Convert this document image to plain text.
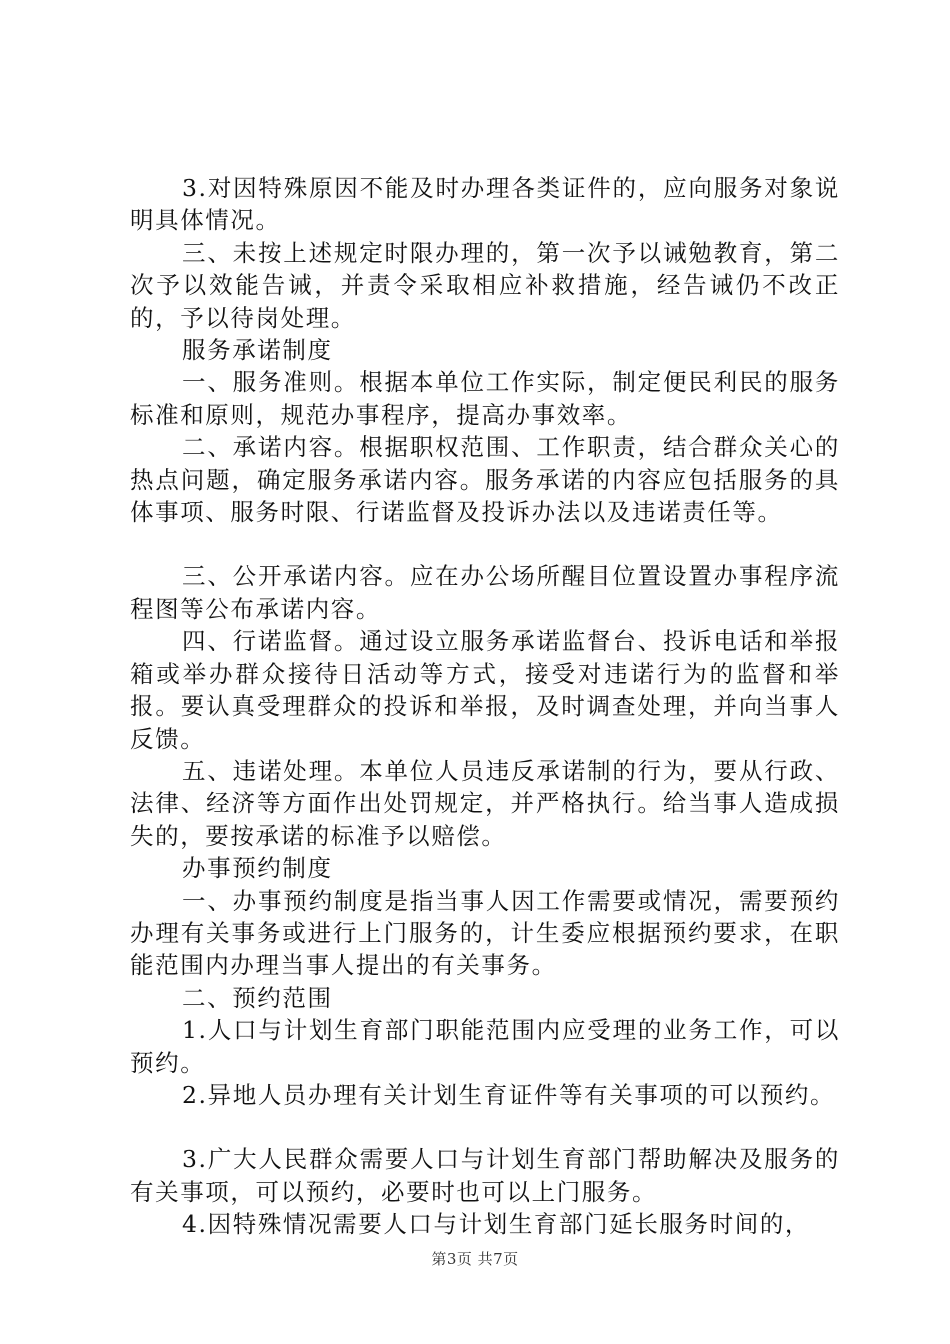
3.对因特殊原因不能及时办理各类证件的，应向服务对象说明具体情况。

三、未按上述规定时限办理的，第一次予以诫勉教育，第二次予以效能告诫，并责令采取相应补救措施，经告诫仍不改正的，予以待岗处理。

服务承诺制度

一、服务准则。根据本单位工作实际，制定便民利民的服务标准和原则，规范办事程序，提高办事效率。

二、承诺内容。根据职权范围、工作职责，结合群众关心的热点问题，确定服务承诺内容。服务承诺的内容应包括服务的具体事项、服务时限、行诺监督及投诉办法以及违诺责任等。

三、公开承诺内容。应在办公场所醒目位置设置办事程序流程图等公布承诺内容。

四、行诺监督。通过设立服务承诺监督台、投诉电话和举报箱或举办群众接待日活动等方式，接受对违诺行为的监督和举报。要认真受理群众的投诉和举报，及时调查处理，并向当事人反馈。

五、违诺处理。本单位人员违反承诺制的行为，要从行政、法律、经济等方面作出处罚规定，并严格执行。给当事人造成损失的，要按承诺的标准予以赔偿。

办事预约制度

一、办事预约制度是指当事人因工作需要或情况，需要预约办理有关事务或进行上门服务的，计生委应根据预约要求，在职能范围内办理当事人提出的有关事务。

二、预约范围

1.人口与计划生育部门职能范围内应受理的业务工作，可以预约。

2.异地人员办理有关计划生育证件等有关事项的可以预约。

3.广大人民群众需要人口与计划生育部门帮助解决及服务的有关事项，可以预约，必要时也可以上门服务。

4.因特殊情况需要人口与计划生育部门延长服务时间的，

第3页 共7页
